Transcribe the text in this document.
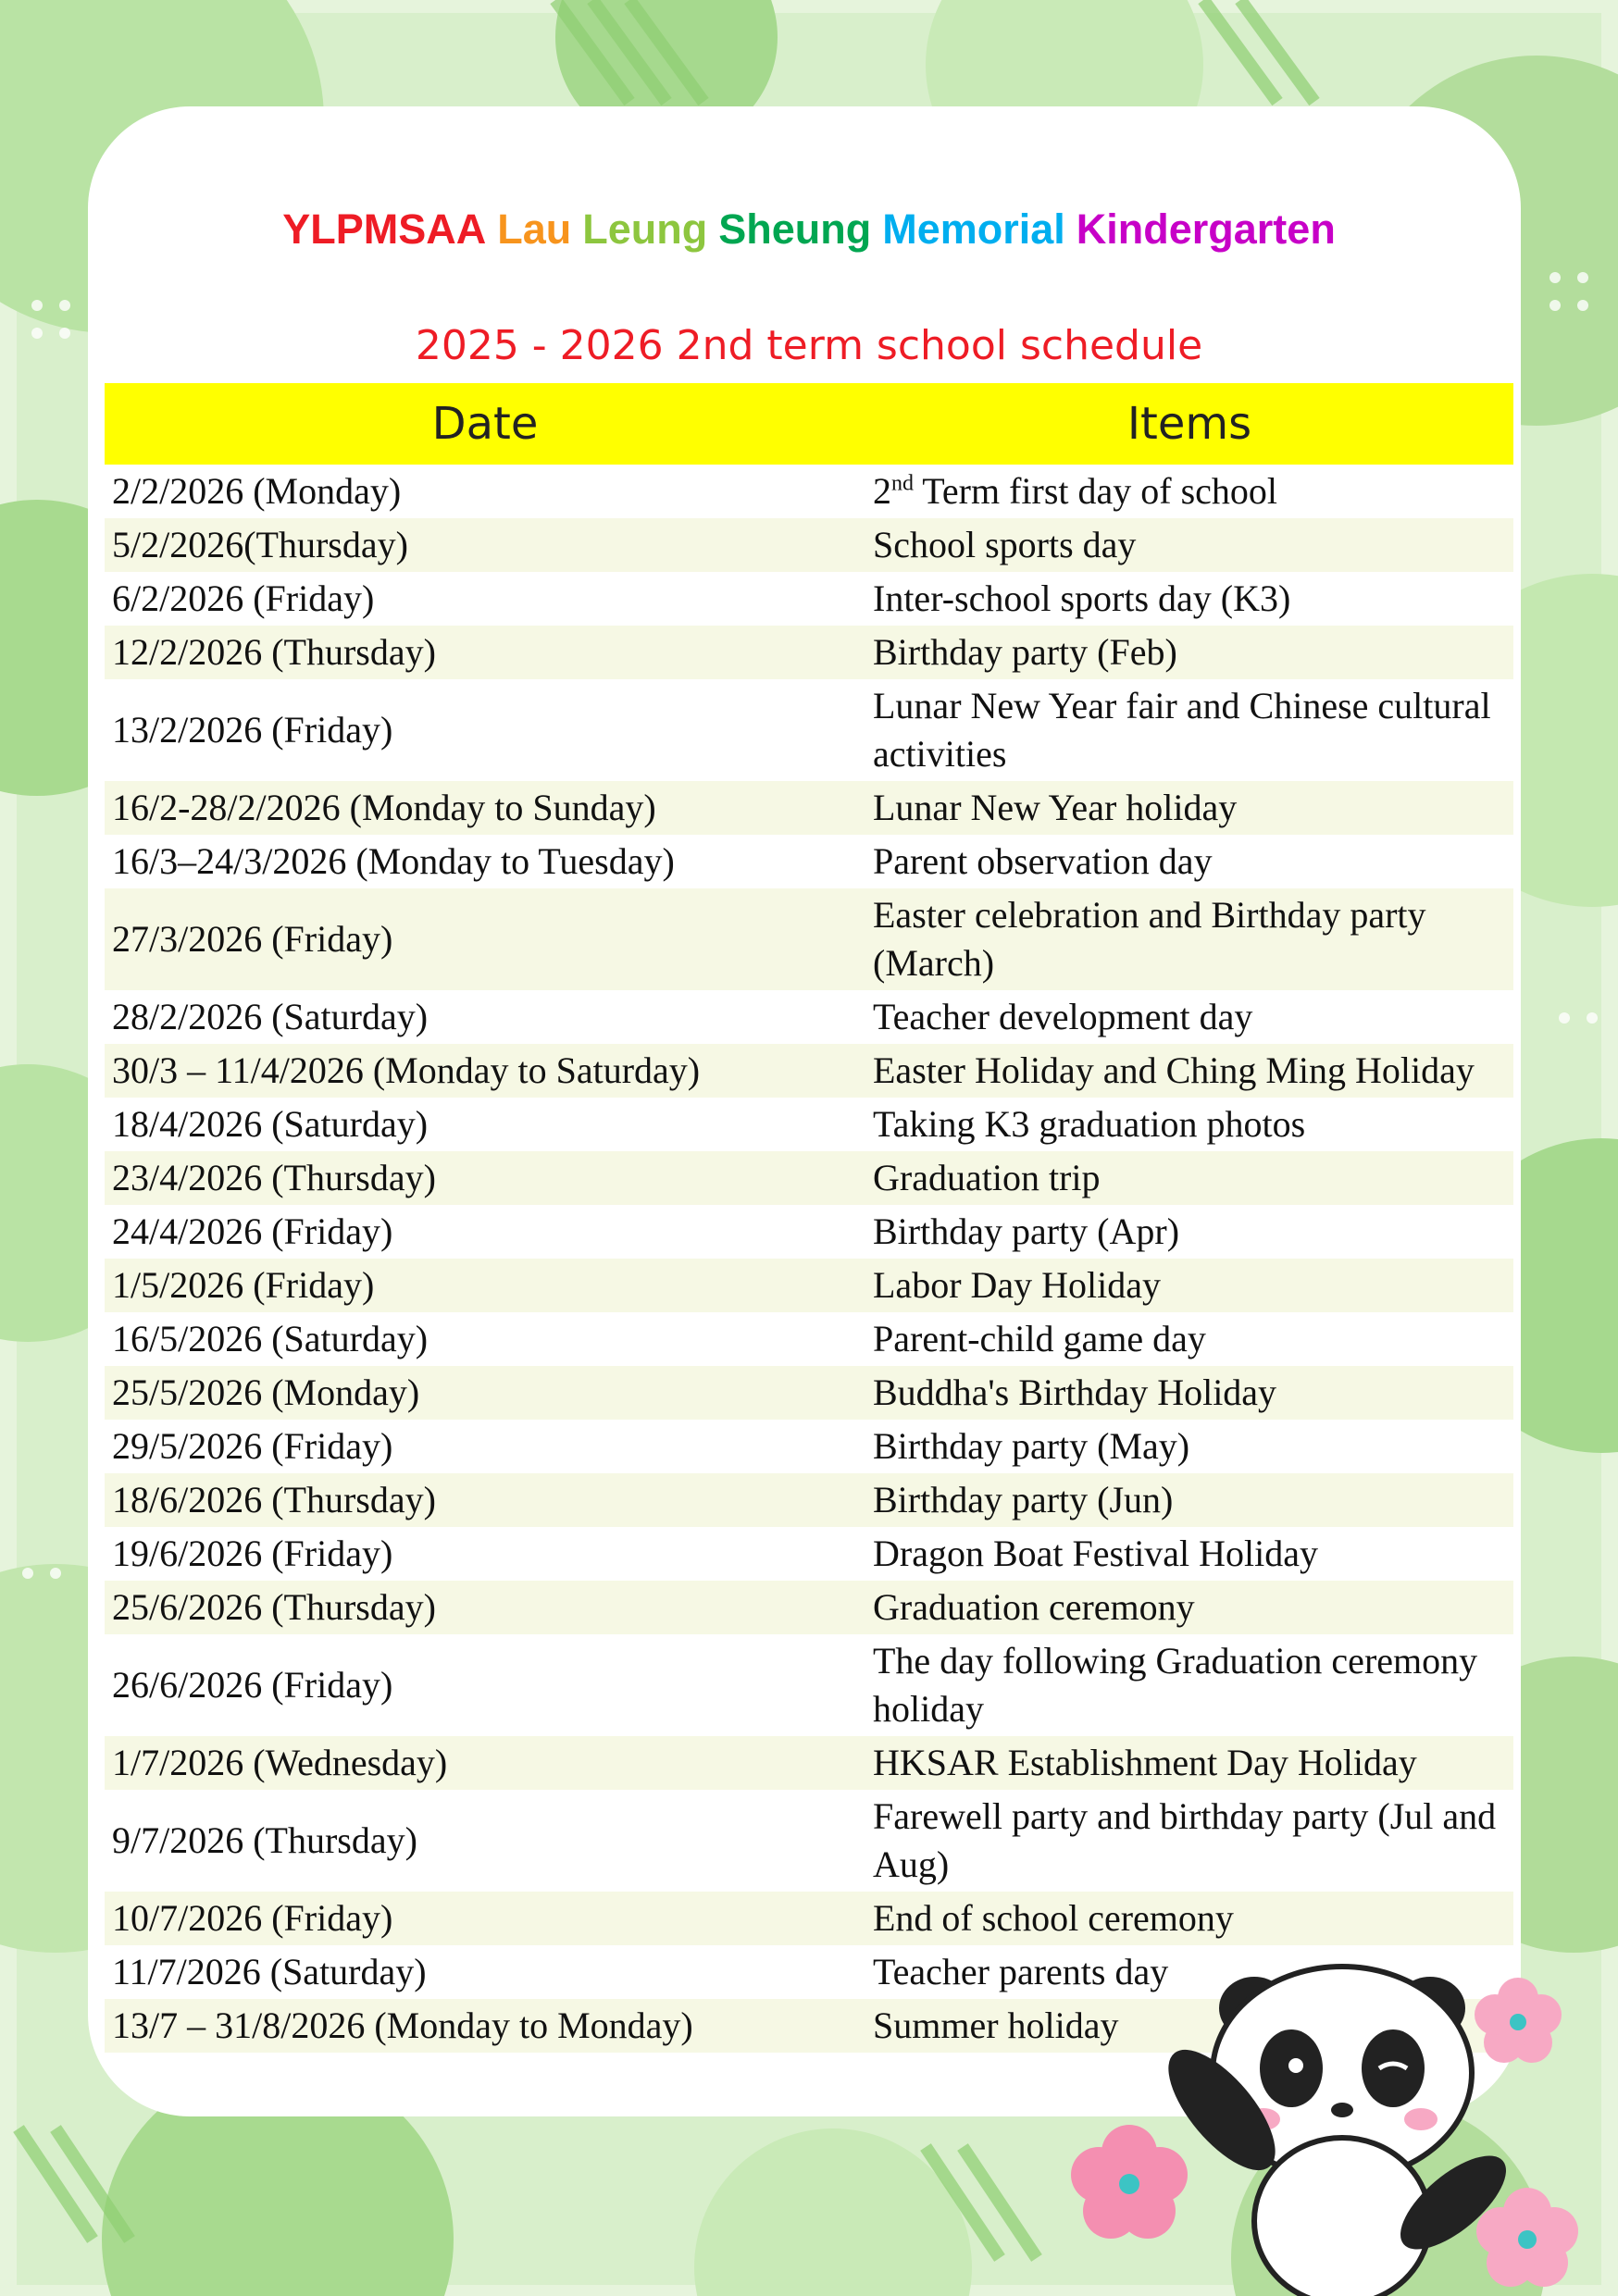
YLPMSAA Lau Leung Sheung Memorial Kindergarten
2025 - 2026 2nd term school schedule
Date	Items
2/2/2026 (Monday)	2nd Term first day of school
5/2/2026(Thursday)	School sports day
6/2/2026 (Friday)	Inter-school sports day (K3)
12/2/2026 (Thursday)	Birthday party (Feb)
13/2/2026 (Friday)	Lunar New Year fair and Chinese cultural activities
16/2-28/2/2026 (Monday to Sunday)	Lunar New Year holiday
16/3–24/3/2026 (Monday to Tuesday)	Parent observation day
27/3/2026 (Friday)	Easter celebration and Birthday party (March)
28/2/2026 (Saturday)	Teacher development day
30/3 – 11/4/2026 (Monday to Saturday)	Easter Holiday and Ching Ming Holiday
18/4/2026 (Saturday)	Taking K3 graduation photos
23/4/2026 (Thursday)	Graduation trip
24/4/2026 (Friday)	Birthday party (Apr)
1/5/2026 (Friday)	Labor Day Holiday
16/5/2026 (Saturday)	Parent-child game day
25/5/2026 (Monday)	Buddha's Birthday Holiday
29/5/2026 (Friday)	Birthday party (May)
18/6/2026 (Thursday)	Birthday party (Jun)
19/6/2026 (Friday)	Dragon Boat Festival Holiday
25/6/2026 (Thursday)	Graduation ceremony
26/6/2026 (Friday)	The day following Graduation ceremony holiday
1/7/2026 (Wednesday)	HKSAR Establishment Day Holiday
9/7/2026 (Thursday)	Farewell party and birthday party (Jul and Aug)
10/7/2026 (Friday)	End of school ceremony
11/7/2026 (Saturday)	Teacher parents day
13/7 – 31/8/2026 (Monday to Monday)	Summer holiday
